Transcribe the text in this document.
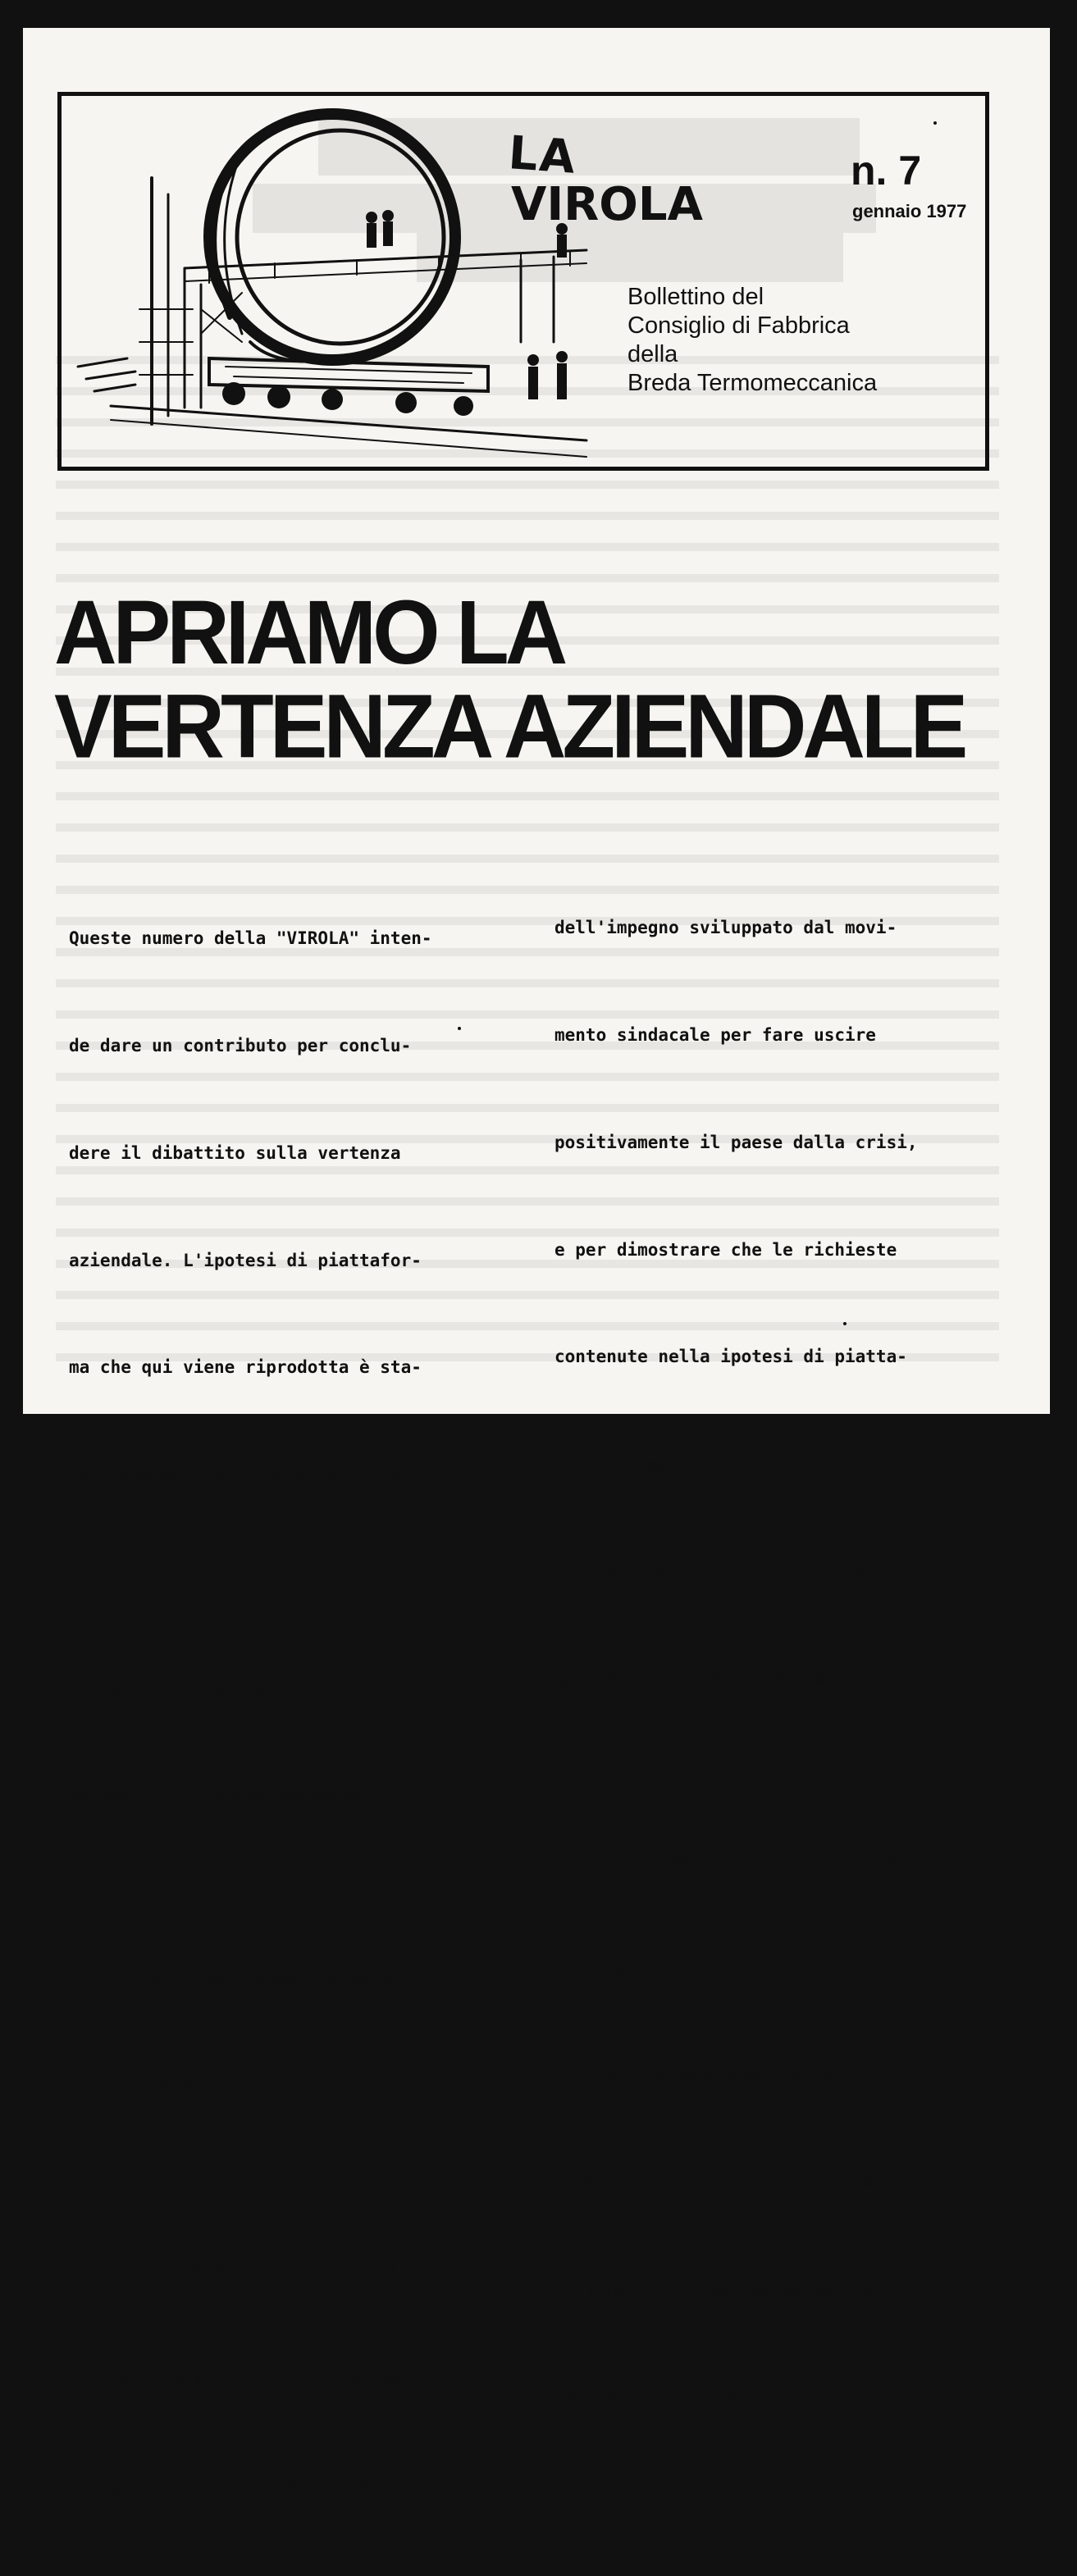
LA
VIROLA
n. 7
gennaio 1977
Bollettino del
Consiglio di Fabbrica
della
Breda Termomeccanica
APRIAMO LA
VERTENZA AZIENDALE

Queste numero della "VIROLA" inten-

de dare un contributo per conclu-

dere il dibattito sulla vertenza

aziendale. L'ipotesi di piattafor-

ma che qui viene riprodotta è sta-

ta elaborata dal Consiglio di Fab-

brica seguendo le indicazioni da-

te dai lavoratori nelle diverse

assemblee di gruppo omogeneo..

Viene inoltre presentato un do-

cumento elaborato dal C.d.F. sulla

posizione della Federazione CGIL-

CISL-UIL in merito alla vertenza

energia. Questo per dare il senso

dell'impegno sviluppato dal movi-

mento sindacale per fare uscire

positivamente il paese dalla crisi,

e per dimostrare che le richieste

contenute nella ipotesi di piatta-

forma in materia di scelte produt-

tive aziendali si inquadrano in

questa strategia del movimento.

Si riproducono inoltre la "piat-

taforma" che la Federazione CGIL-

CISL-UIL ha presentato alla Con-

findustria e Governo e il documen-

to finale dell'assemblea dei dele-

gati del 7-8 gennaio.
